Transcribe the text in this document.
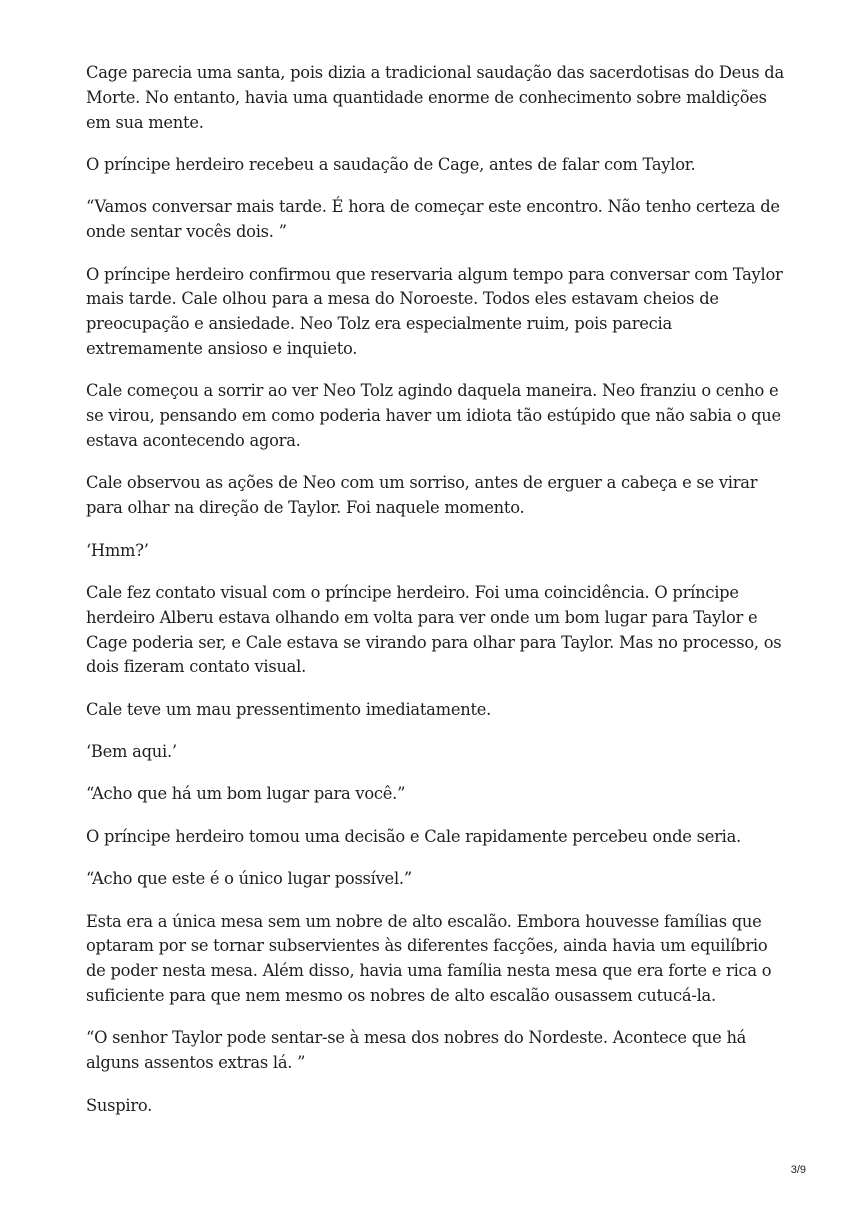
Cage parecia uma santa, pois dizia a tradicional saudação das sacerdotisas do Deus da Morte. No entanto, havia uma quantidade enorme de conhecimento sobre maldições em sua mente.

O príncipe herdeiro recebeu a saudação de Cage, antes de falar com Taylor.

“Vamos conversar mais tarde. É hora de começar este encontro. Não tenho certeza de onde sentar vocês dois. ”

O príncipe herdeiro confirmou que reservaria algum tempo para conversar com Taylor mais tarde. Cale olhou para a mesa do Noroeste. Todos eles estavam cheios de preocupação e ansiedade. Neo Tolz era especialmente ruim, pois parecia extremamente ansioso e inquieto.

Cale começou a sorrir ao ver Neo Tolz agindo daquela maneira. Neo franziu o cenho e se virou, pensando em como poderia haver um idiota tão estúpido que não sabia o que estava acontecendo agora.

Cale observou as ações de Neo com um sorriso, antes de erguer a cabeça e se virar para olhar na direção de Taylor. Foi naquele momento.

‘Hmm?’

Cale fez contato visual com o príncipe herdeiro. Foi uma coincidência. O príncipe herdeiro Alberu estava olhando em volta para ver onde um bom lugar para Taylor e Cage poderia ser, e Cale estava se virando para olhar para Taylor. Mas no processo, os dois fizeram contato visual.

Cale teve um mau pressentimento imediatamente.

‘Bem aqui.’

“Acho que há um bom lugar para você.”

O príncipe herdeiro tomou uma decisão e Cale rapidamente percebeu onde seria.

“Acho que este é o único lugar possível.”

Esta era a única mesa sem um nobre de alto escalão. Embora houvesse famílias que optaram por se tornar subservientes às diferentes facções, ainda havia um equilíbrio de poder nesta mesa. Além disso, havia uma família nesta mesa que era forte e rica o suficiente para que nem mesmo os nobres de alto escalão ousassem cutucá-la.

“O senhor Taylor pode sentar-se à mesa dos nobres do Nordeste. Acontece que há alguns assentos extras lá. ”

Suspiro.

3/9
